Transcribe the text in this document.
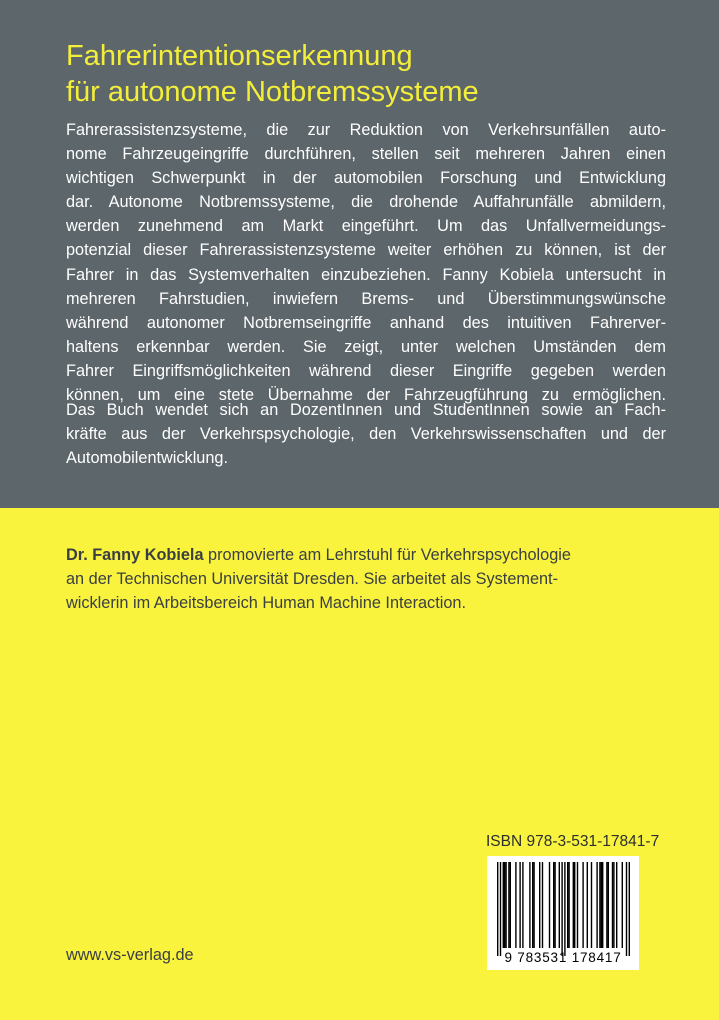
Fahrerintentionserkennung
für autonome Notbremssysteme
Fahrerassistenzsysteme, die zur Reduktion von Verkehrsunfällen auto-
nome Fahrzeugeingriffe durchführen, stellen seit mehreren Jahren einen
wichtigen Schwerpunkt in der automobilen Forschung und Entwicklung
dar. Autonome Notbremssysteme, die drohende Auffahrunfälle abmildern,
werden zunehmend am Markt eingeführt. Um das Unfallvermeidungs-
potenzial dieser Fahrerassistenzsysteme weiter erhöhen zu können, ist der
Fahrer in das Systemverhalten einzubeziehen. Fanny Kobiela untersucht in
mehreren Fahrstudien, inwiefern Brems- und Überstimmungswünsche
während autonomer Notbremseingriffe anhand des intuitiven Fahrerver-
haltens erkennbar werden. Sie zeigt, unter welchen Umständen dem
Fahrer Eingriffsmöglichkeiten während dieser Eingriffe gegeben werden
können, um eine stete Übernahme der Fahrzeugführung zu ermöglichen.
Das Buch wendet sich an DozentInnen und StudentInnen sowie an Fach-
kräfte aus der Verkehrspsychologie, den Verkehrswissenschaften und der
Automobilentwicklung.
Dr. Fanny Kobiela promovierte am Lehrstuhl für Verkehrspsychologie
an der Technischen Universität Dresden. Sie arbeitet als Systement-
wicklerin im Arbeitsbereich Human Machine Interaction.
ISBN 978-3-531-17841-7
9 783531 178417
www.vs-verlag.de
